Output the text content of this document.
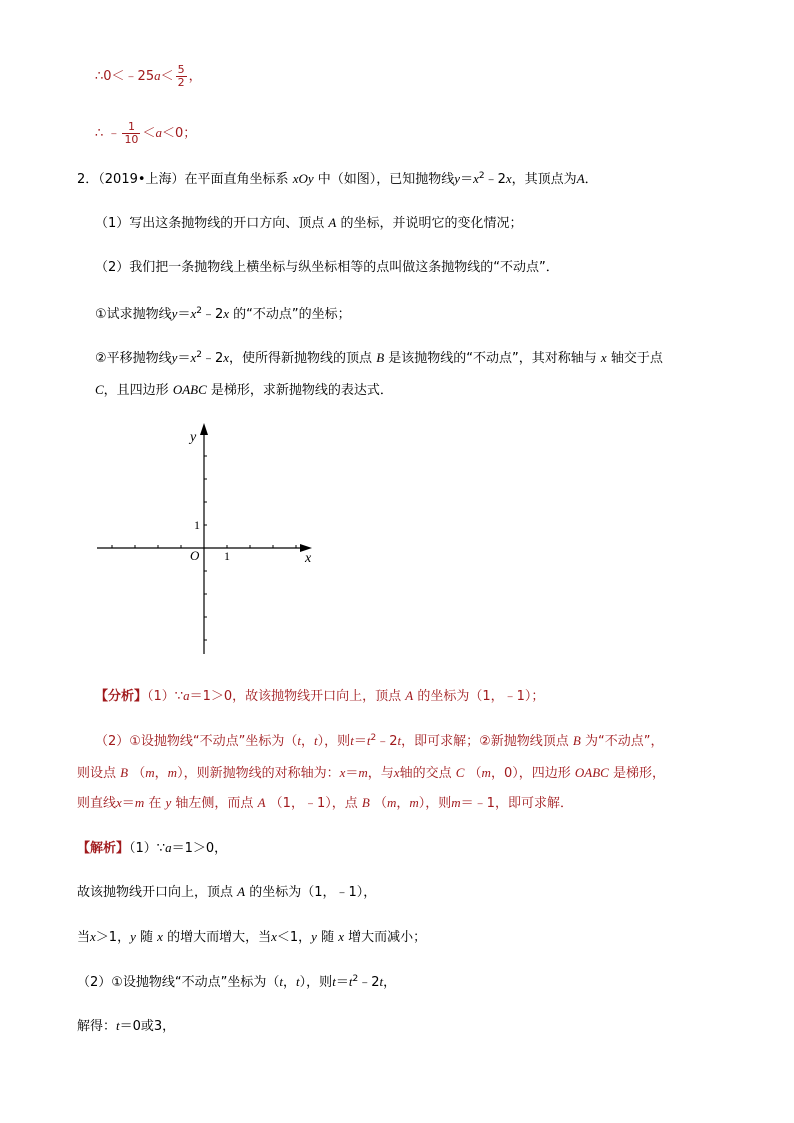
∴0＜﹣25a＜ $\frac{5}{2}$ ，
∴ ﹣ $\frac{1}{10} <a<0$；
2．（2019•上海）在平面直角坐标系 xOy 中（如图），已知抛物线$y=x^2﹣2x$，其顶点为A．
（1）写出这条抛物线的开口方向、顶点 A 的坐标，并说明它的变化情况；
（2）我们把一条抛物线上横坐标与纵坐标相等的点叫做这条抛物线的“不动点”．
①试求抛物线$y=x^2﹣2x$ 的“不动点”的坐标；
②平移抛物线$y=x^2﹣2x$，使所得新抛物线的顶点 B 是该抛物线的“不动点”，其对称轴与 x 轴交于点
C，且四边形 OABC 是梯形，求新抛物线的表达式．
y
x
O 1
1
【分析】（1）∵a＝1＞0，故该抛物线开口向上，顶点 A 的坐标为（1，﹣1）；
（2）①设抛物线“不动点”坐标为（t，t），则$t=t^2﹣2t$，即可求解；②新抛物线顶点 B 为“不动点”，
则设点 B （m，m），则新抛物线的对称轴为：x＝m，与x轴的交点 C （m，0），四边形 OABC 是梯形，
则直线x＝m 在 y 轴左侧，而点 A （1，﹣1），点 B （m，m），则m＝﹣1，即可求解．
【解析】（1）∵a＝1＞0，
故该抛物线开口向上，顶点 A 的坐标为（1，﹣1），
当x＞1，y 随 x 的增大而增大，当x＜1，y 随 x 增大而减小；
（2）①设抛物线“不动点”坐标为（t，t），则$t=t^2﹣2t$，
解得：t＝0或3，
